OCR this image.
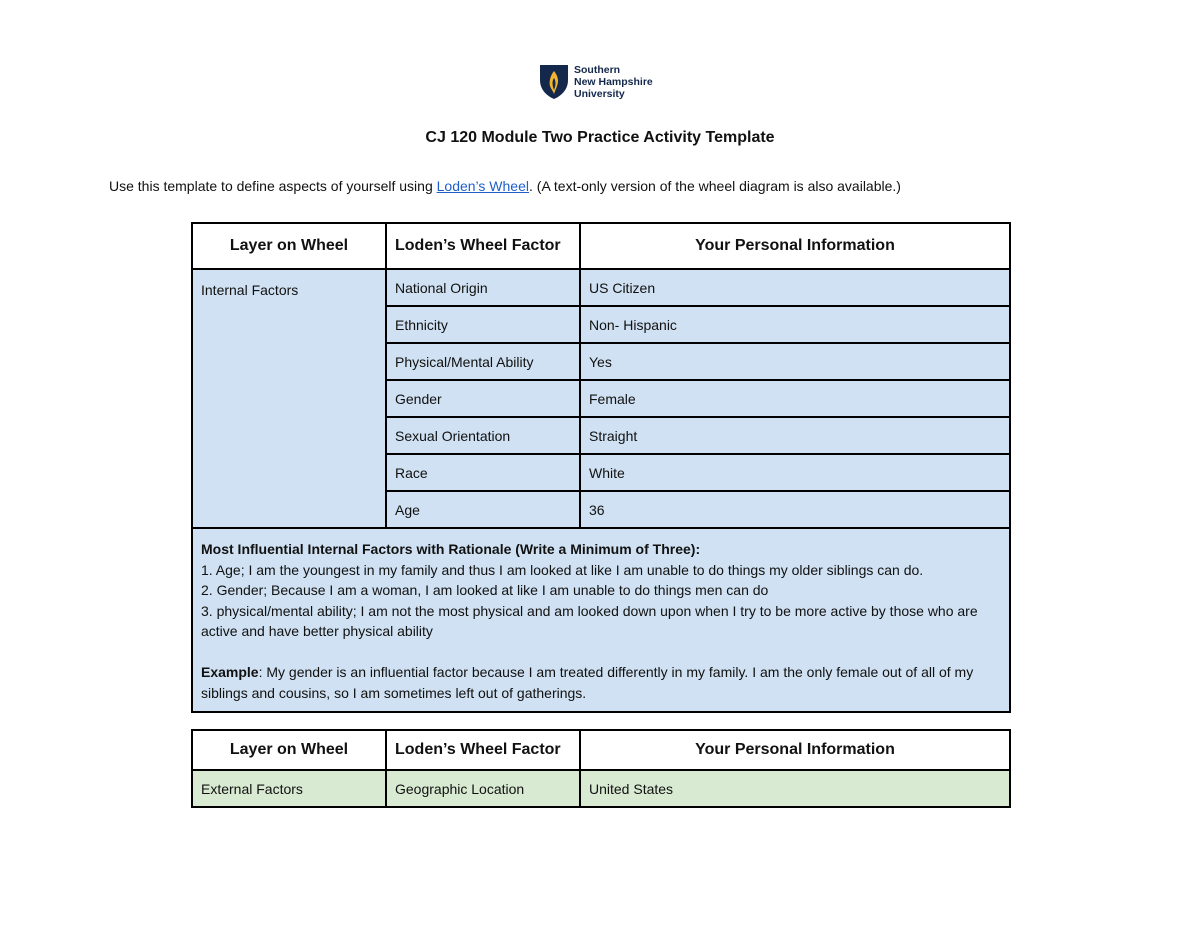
Southern
New Hampshire
University
CJ 120 Module Two Practice Activity Template
Use this template to define aspects of yourself using Loden’s Wheel. (A text-only version of the wheel diagram is also available.)
Layer on Wheel	Loden’s Wheel Factor	Your Personal Information
Internal Factors	National Origin	US Citizen
	Ethnicity	Non- Hispanic
	Physical/Mental Ability	Yes
	Gender	Female
	Sexual Orientation	Straight
	Race	White
	Age	36

Most Influential Internal Factors with Rationale (Write a Minimum of Three):
1. Age; I am the youngest in my family and thus I am looked at like I am unable to do things my older siblings can do.
2. Gender; Because I am a woman, I am looked at like I am unable to do things men can do
3. physical/mental ability; I am not the most physical and am looked down upon when I try to be more active by those who are active and have better physical ability
Example: My gender is an influential factor because I am treated differently in my family. I am the only female out of all of my siblings and cousins, so I am sometimes left out of gatherings.		
Layer on Wheel	Loden’s Wheel Factor	Your Personal Information
External Factors	Geographic Location	United States
